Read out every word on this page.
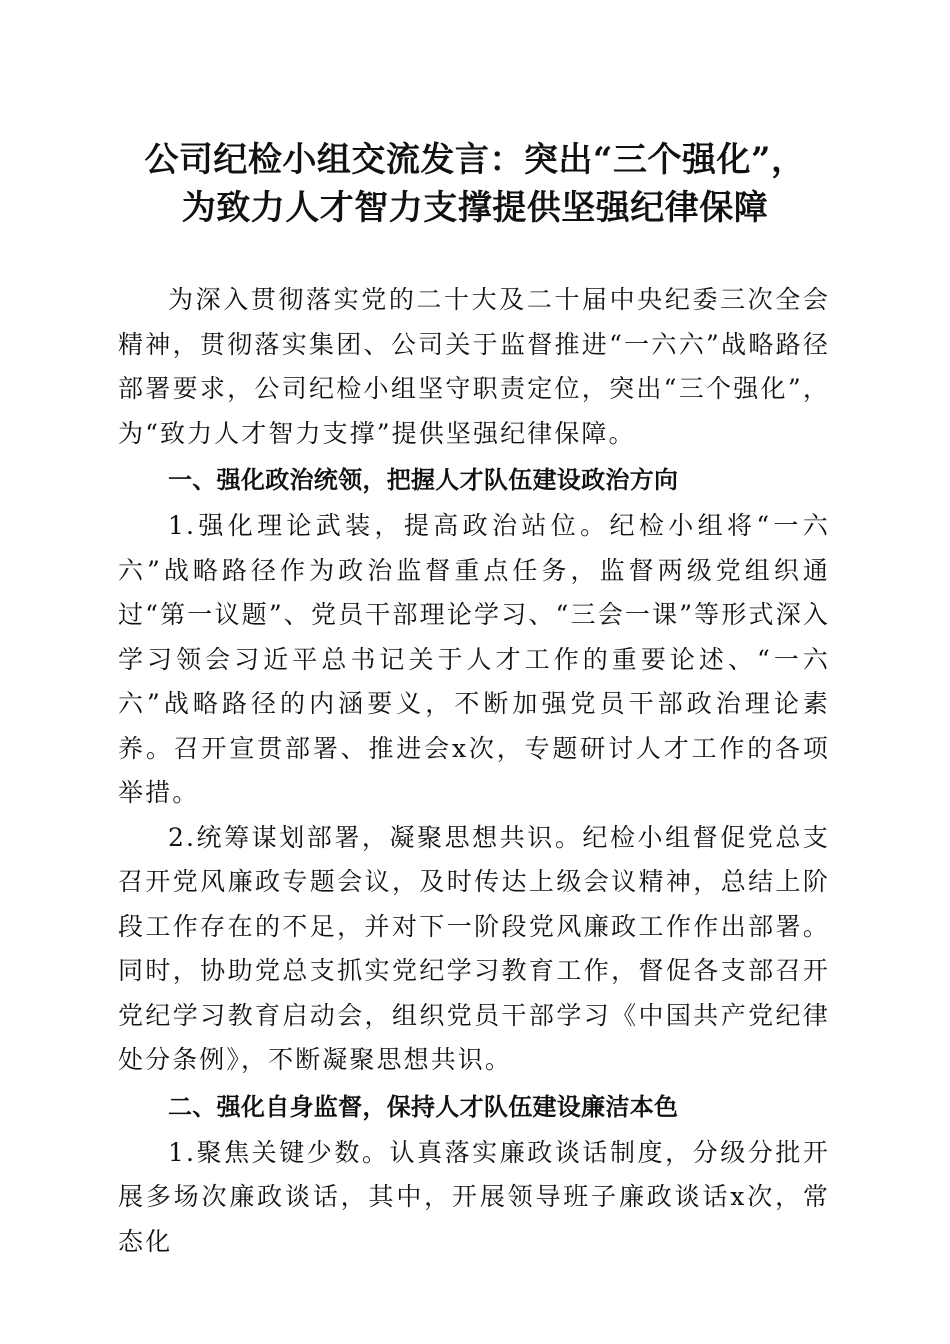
公司纪检小组交流发言：突出“三个强化”，
为致力人才智力支撑提供坚强纪律保障

为深入贯彻落实党的二十大及二十届中央纪委三次全会精神，贯彻落实集团、公司关于监督推进“一六六”战略路径部署要求，公司纪检小组坚守职责定位，突出“三个强化”，为“致力人才智力支撑”提供坚强纪律保障。

一、强化政治统领，把握人才队伍建设政治方向

1.强化理论武装，提高政治站位。纪检小组将“一六六”战略路径作为政治监督重点任务，监督两级党组织通过“第一议题”、党员干部理论学习、“三会一课”等形式深入学习领会习近平总书记关于人才工作的重要论述、“一六六”战略路径的内涵要义，不断加强党员干部政治理论素养。召开宣贯部署、推进会x次，专题研讨人才工作的各项举措。

2.统筹谋划部署，凝聚思想共识。纪检小组督促党总支召开党风廉政专题会议，及时传达上级会议精神，总结上阶段工作存在的不足，并对下一阶段党风廉政工作作出部署。同时，协助党总支抓实党纪学习教育工作，督促各支部召开党纪学习教育启动会，组织党员干部学习《中国共产党纪律处分条例》，不断凝聚思想共识。

二、强化自身监督，保持人才队伍建设廉洁本色

1.聚焦关键少数。认真落实廉政谈话制度，分级分批开展多场次廉政谈话，其中，开展领导班子廉政谈话x次，常态化
